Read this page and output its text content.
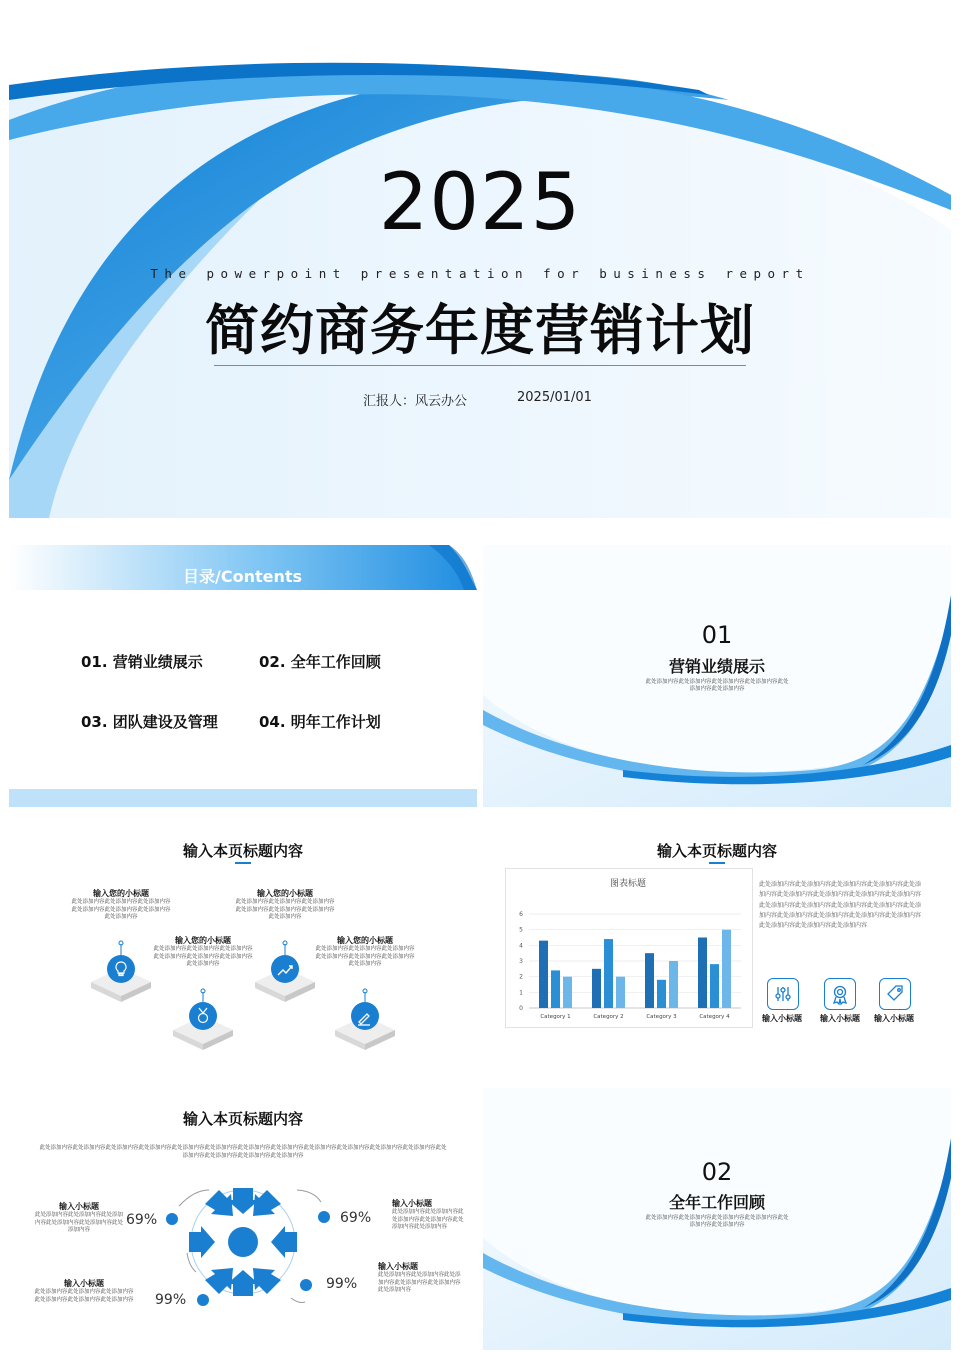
2025
The powerpoint presentation for business report
简约商务年度营销计划
汇报人：风云办公	2025/01/01
目录/Contents
01. 营销业绩展示	02. 全年工作回顾
03. 团队建设及管理	04. 明年工作计划
01
营销业绩展示
此处添加内容此处添加内容此处添加内容此处添加内容此处
添加内容此处添加内容
输入本页标题内容
输入您的小标题
此处添加内容此处添加内容此处添加内容此处添加内容此处添加内容此处添加内容此处添加内容
输入您的小标题
此处添加内容此处添加内容此处添加内容此处添加内容此处添加内容此处添加内容此处添加内容
输入您的小标题
此处添加内容此处添加内容此处添加内容此处添加内容此处添加内容此处添加内容此处添加内容
输入您的小标题
此处添加内容此处添加内容此处添加内容此处添加内容此处添加内容此处添加内容此处添加内容
输入本页标题内容
图表标题
0
1
2
3
4
5
6
Category 1	Category 2	Category 3	Category 4
此处添加内容此处添加内容此处添加内容此处添加内容此处添加内容此处添加内容此处添加内容此处添加内容此处添加内容此处添加内容此处添加内容此处添加内容此处添加内容此处添加内容此处添加内容此处添加内容此处添加内容此处添加内容此处添加内容此处添加内容此处添加内容
输入小标题 输入小标题 输入小标题
输入本页标题内容
此处添加内容此处添加内容此处添加内容此处添加内容此处添加内容此处添加内容此处添加内容此处添加内容此处添加内容此处添加内容此处添加内容此处添加内容此处添加内容此处添加内容此处添加内容此处添加内容
输入小标题
此处添加内容此处添加内容此处添加内容此处添加内容此处添加内容此处添加内容
69%
输入小标题
此处添加内容此处添加内容此处添加内容此处添加内容此处添加内容此处添加内容 99%
69%
输入小标题
此处添加内容此处添加内容此处添加内容此处添加内容此处添加内容此处添加内容
99%
输入小标题
此处添加内容此处添加内容此处添加内容此处添加内容此处添加内容此处添加内容
02
全年工作回顾
此处添加内容此处添加内容此处添加内容此处添加内容此处
添加内容此处添加内容
